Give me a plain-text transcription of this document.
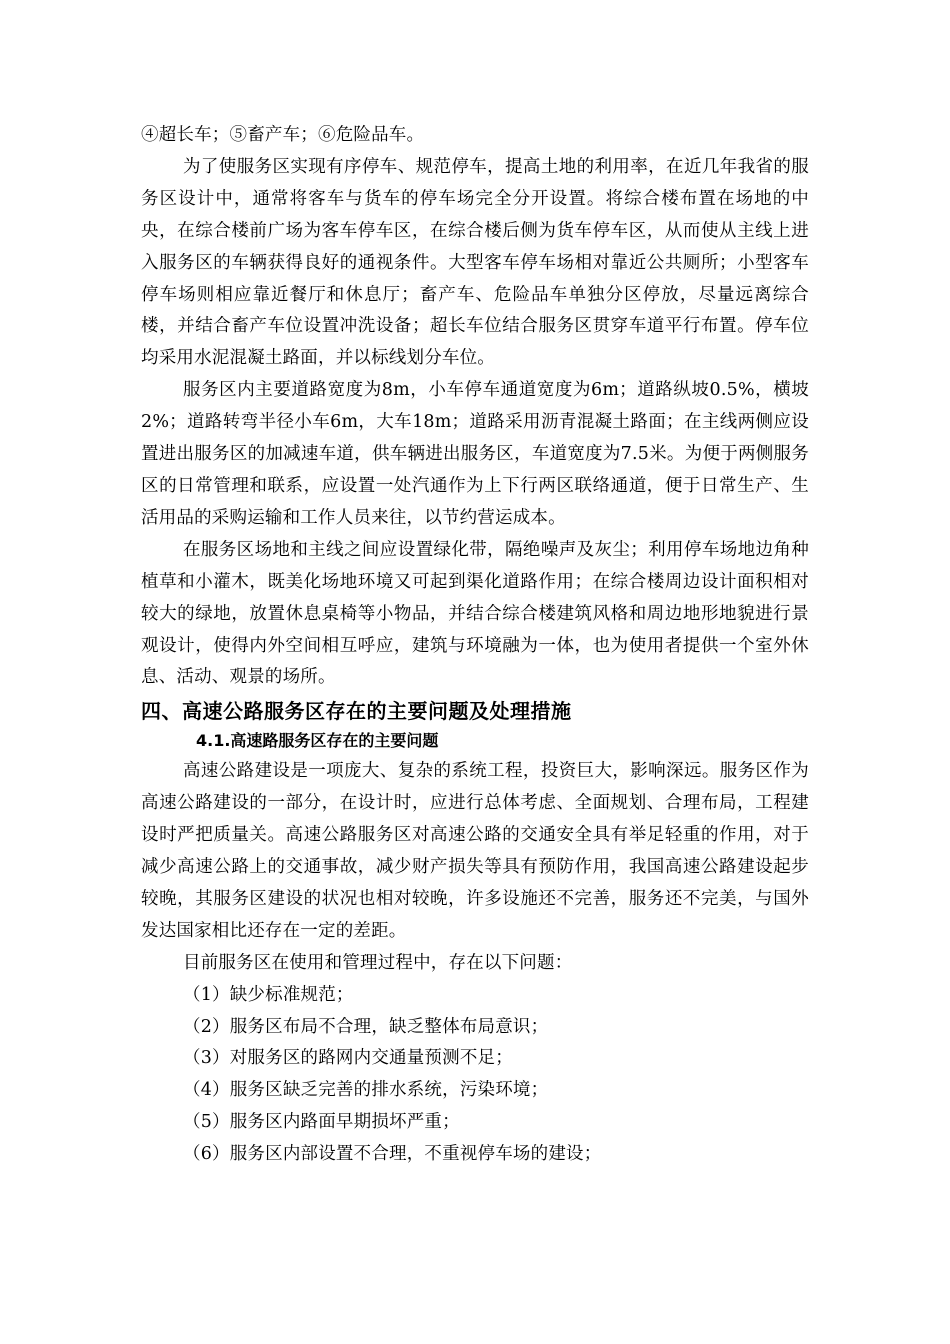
④超长车；⑤畜产车；⑥危险品车。

为了使服务区实现有序停车、规范停车，提高土地的利用率，在近几年我省的服务区设计中，通常将客车与货车的停车场完全分开设置。将综合楼布置在场地的中央，在综合楼前广场为客车停车区，在综合楼后侧为货车停车区，从而使从主线上进入服务区的车辆获得良好的通视条件。大型客车停车场相对靠近公共厕所；小型客车停车场则相应靠近餐厅和休息厅；畜产车、危险品车单独分区停放，尽量远离综合楼，并结合畜产车位设置冲洗设备；超长车位结合服务区贯穿车道平行布置。停车位均采用水泥混凝土路面，并以标线划分车位。

服务区内主要道路宽度为8m，小车停车通道宽度为6m；道路纵坡0.5%，横坡2%；道路转弯半径小车6m，大车18m；道路采用沥青混凝土路面；在主线两侧应设置进出服务区的加减速车道，供车辆进出服务区，车道宽度为7.5米。为便于两侧服务区的日常管理和联系，应设置一处汽通作为上下行两区联络通道，便于日常生产、生活用品的采购运输和工作人员来往，以节约营运成本。

在服务区场地和主线之间应设置绿化带，隔绝噪声及灰尘；利用停车场地边角种植草和小灌木，既美化场地环境又可起到渠化道路作用；在综合楼周边设计面积相对较大的绿地，放置休息桌椅等小物品，并结合综合楼建筑风格和周边地形地貌进行景观设计，使得内外空间相互呼应，建筑与环境融为一体，也为使用者提供一个室外休息、活动、观景的场所。

四、高速公路服务区存在的主要问题及处理措施
4.1.高速路服务区存在的主要问题

高速公路建设是一项庞大、复杂的系统工程，投资巨大，影响深远。服务区作为高速公路建设的一部分，在设计时，应进行总体考虑、全面规划、合理布局，工程建设时严把质量关。高速公路服务区对高速公路的交通安全具有举足轻重的作用，对于减少高速公路上的交通事故，减少财产损失等具有预防作用，我国高速公路建设起步较晚，其服务区建设的状况也相对较晚，许多设施还不完善，服务还不完美，与国外发达国家相比还存在一定的差距。

目前服务区在使用和管理过程中，存在以下问题：

（1）缺少标准规范；
（2）服务区布局不合理，缺乏整体布局意识；
（3）对服务区的路网内交通量预测不足；
（4）服务区缺乏完善的排水系统，污染环境；
（5）服务区内路面早期损坏严重；
（6）服务区内部设置不合理，不重视停车场的建设；
